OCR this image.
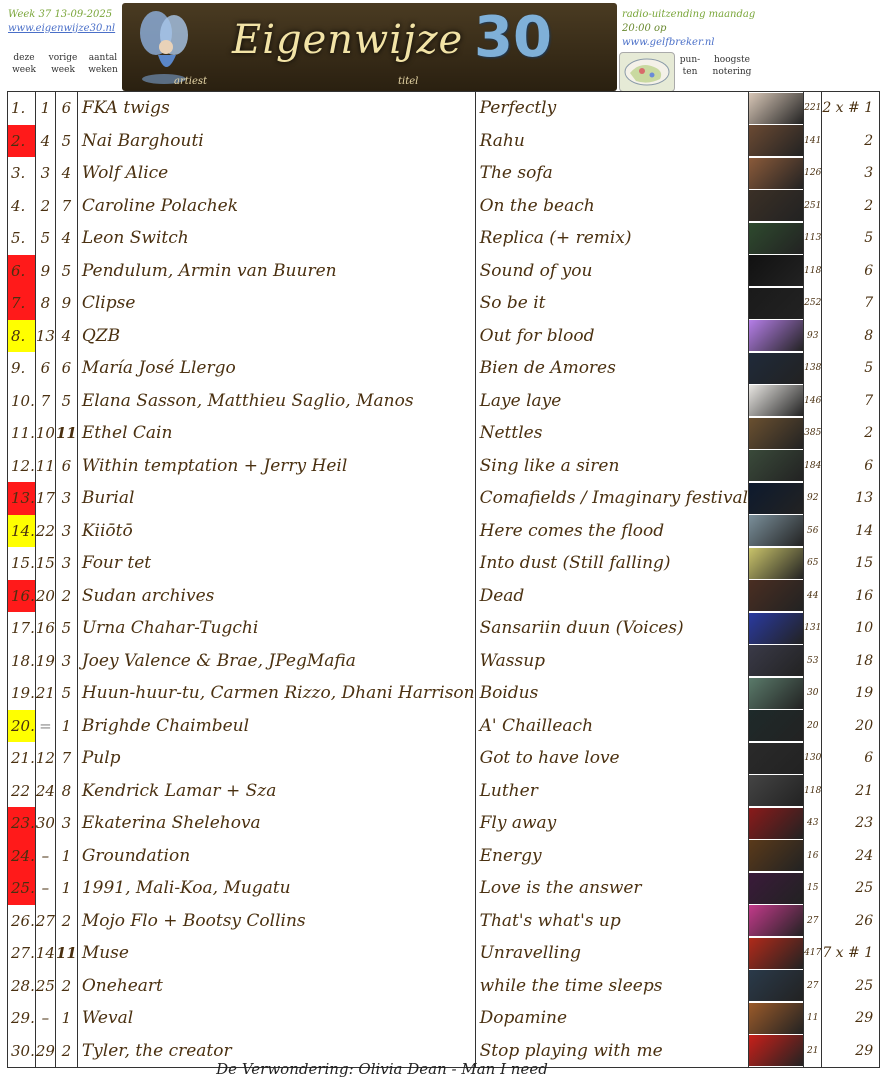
Week 37 13-09-2025
www.eigenwijze30.nl
deze
week
vorige
week
aantal
weken
Eigenwijze 30
artiest	titel
radio-uitzending maandag
20:00 op www.gelfbreker.nl
pun-
ten
hoogste
notering
1.	1	6	FKA twigs	Perfectly		221	2 x # 1
2.	4	5	Nai Barghouti	Rahu		141	2
3.	3	4	Wolf Alice	The sofa		126	3
4.	2	7	Caroline Polachek	On the beach		251	2
5.	5	4	Leon Switch	Replica (+ remix)		113	5
6.	9	5	Pendulum, Armin van Buuren	Sound of you		118	6
7.	8	9	Clipse	So be it		252	7
8.	13	4	QZB	Out for blood		93	8
9.	6	6	María José Llergo	Bien de Amores		138	5
10.	7	5	Elana Sasson, Matthieu Saglio, Manos	Laye laye		146	7
11.	10	11	Ethel Cain	Nettles		385	2
12.	11	6	Within temptation + Jerry Heil	Sing like a siren		184	6
13.	17	3	Burial	Comafields / Imaginary festival		92	13
14.	22	3	Kiiōtō	Here comes the flood		56	14
15.	15	3	Four tet	Into dust (Still falling)		65	15
16.	20	2	Sudan archives	Dead		44	16
17.	16	5	Urna Chahar-Tugchi	Sansariin duun (Voices)		131	10
18.	19	3	Joey Valence & Brae, JPegMafia	Wassup		53	18
19.	21	5	Huun-huur-tu, Carmen Rizzo, Dhani Harrison	Boidus		30	19
20.	=	1	Brighde Chaimbeul	A' Chailleach		20	20
21.	12	7	Pulp	Got to have love		130	6
22	24	8	Kendrick Lamar + Sza	Luther		118	21
23.	30	3	Ekaterina Shelehova	Fly away		43	23
24.	–	1	Groundation	Energy		16	24
25.	–	1	1991, Mali-Koa, Mugatu	Love is the answer		15	25
26.	27	2	Mojo Flo + Bootsy Collins	That's what's up		27	26
27.	14	11	Muse	Unravelling		417	7 x # 1
28.	25	2	Oneheart	while the time sleeps		27	25
29.	–	1	Weval	Dopamine		11	29
30.	29	2	Tyler, the creator	Stop playing with me		21	29
De Verwondering: Olivia Dean - Man I need
